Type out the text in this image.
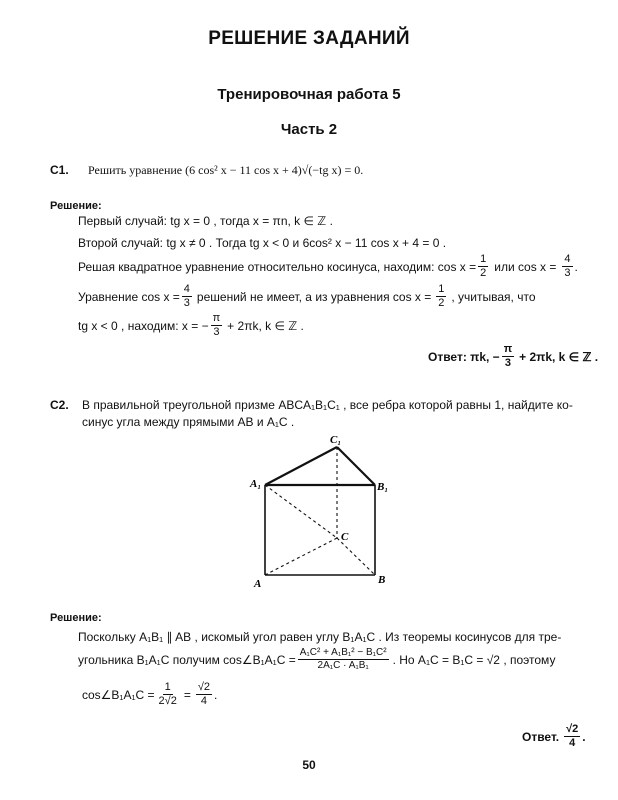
РЕШЕНИЕ ЗАДАНИЙ
Тренировочная работа 5
Часть 2
С1. Решить уравнение (6 cos² x − 11 cos x + 4)√(−tg x) = 0.
Решение:
Первый случай: tg x = 0 , тогда x = πn, k ∈ ℤ .
Второй случай: tg x ≠ 0 . Тогда tg x < 0 и 6cos² x − 11 cos x + 4 = 0 .
Решая квадратное уравнение относительно косинуса, находим: $\cos x = \frac{1}{2}$ или $\cos x = \frac{4}{3}$ .
Уравнение $\cos x = \frac{4}{3}$ решений не имеет, а из уравнения $\cos x = \frac{1}{2}$ , учитывая, что
tg x < 0 , находим: x = − $\frac{\pi}{3} + 2\pi k$, k ∈ ℤ .
Ответ: πk, − $\frac{\pi}{3} + 2\pi k$, k ∈ ℤ .
С2. В правильной треугольной призме ABCA₁B₁C₁ , все ребра которой равны 1, найдите ко-
синус угла между прямыми AB и A₁C .
A₁	B₁
C₁
A	B
C
Решение:
Поскольку A₁B₁ ∥ AB , искомый угол равен углу B₁A₁C . Из теоремы косинусов для тре-
угольника B₁A₁C получим cos∠B₁A₁C = $\frac{\text{A₁C² + A₁B₁² − B₁C²}}{\text{2A₁C · A₁B₁}}$ . Но A₁C = B₁C = √2 , поэтому
cos∠B₁A₁C = $\frac{1}{2√2} = \frac{√2}{4}$ .
Ответ. $\frac{√2}{4}$ .
50
